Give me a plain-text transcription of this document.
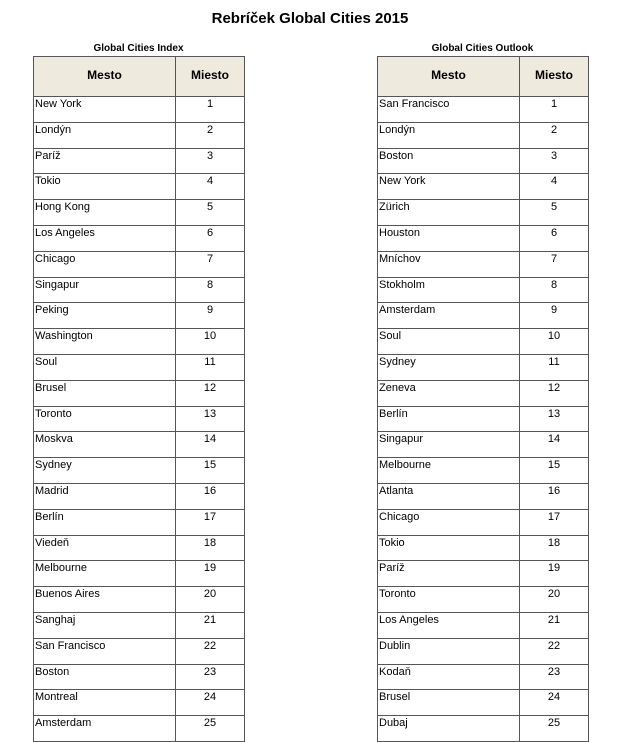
Rebríček Global Cities 2015
Global Cities Index
Mesto	Miesto
New York	1
Londýn	2
Paríž	3
Tokio	4
Hong Kong	5
Los Angeles	6
Chicago	7
Singapur	8
Peking	9
Washington	10
Soul	11
Brusel	12
Toronto	13
Moskva	14
Sydney	15
Madrid	16
Berlín	17
Viedeň	18
Melbourne	19
Buenos Aires	20
Sanghaj	21
San Francisco	22
Boston	23
Montreal	24
Amsterdam	25
Global Cities Outlook
Mesto	Miesto
San Francisco	1
Londýn	2
Boston	3
New York	4
Zürich	5
Houston	6
Mníchov	7
Stokholm	8
Amsterdam	9
Soul	10
Sydney	11
Zeneva	12
Berlín	13
Singapur	14
Melbourne	15
Atlanta	16
Chicago	17
Tokio	18
Paríž	19
Toronto	20
Los Angeles	21
Dublin	22
Kodaň	23
Brusel	24
Dubaj	25
